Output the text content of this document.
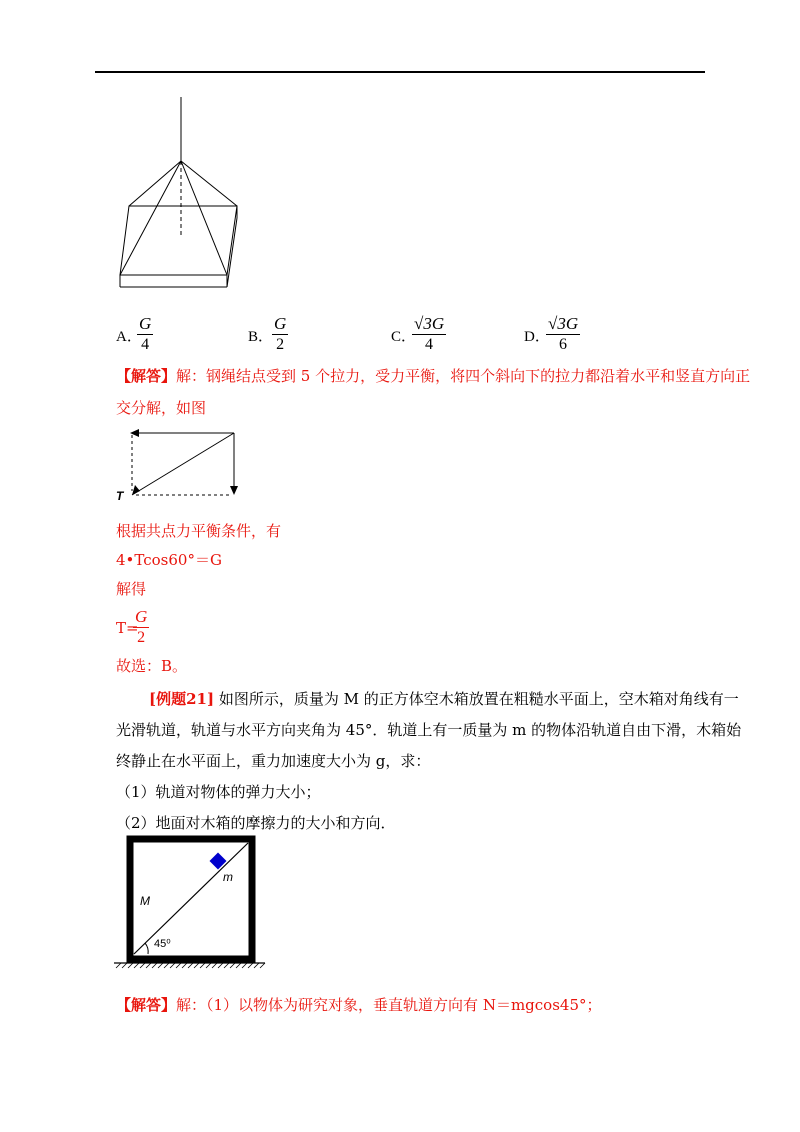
A．
G
4	B．
G
2	C．
√3G
4	D．
√3G
6
【解答】解：钢绳结点受到 5 个拉力，受力平衡，将四个斜向下的拉力都沿着水平和竖直方向正
交分解，如图
T
根据共点力平衡条件，有
4•Tcos60°＝G
解得
T=
G
2
故选：B。
[例题21] 如图所示，质量为 M 的正方体空木箱放置在粗糙水平面上，空木箱对角线有一
光滑轨道，轨道与水平方向夹角为 45°．轨道上有一质量为 m 的物体沿轨道自由下滑，木箱始
终静止在水平面上，重力加速度大小为 g，求：
（1）轨道对物体的弹力大小；
（2）地面对木箱的摩擦力的大小和方向．
M
m
45⁰
【解答】解：（1）以物体为研究对象，垂直轨道方向有 N＝mgcos45°；
